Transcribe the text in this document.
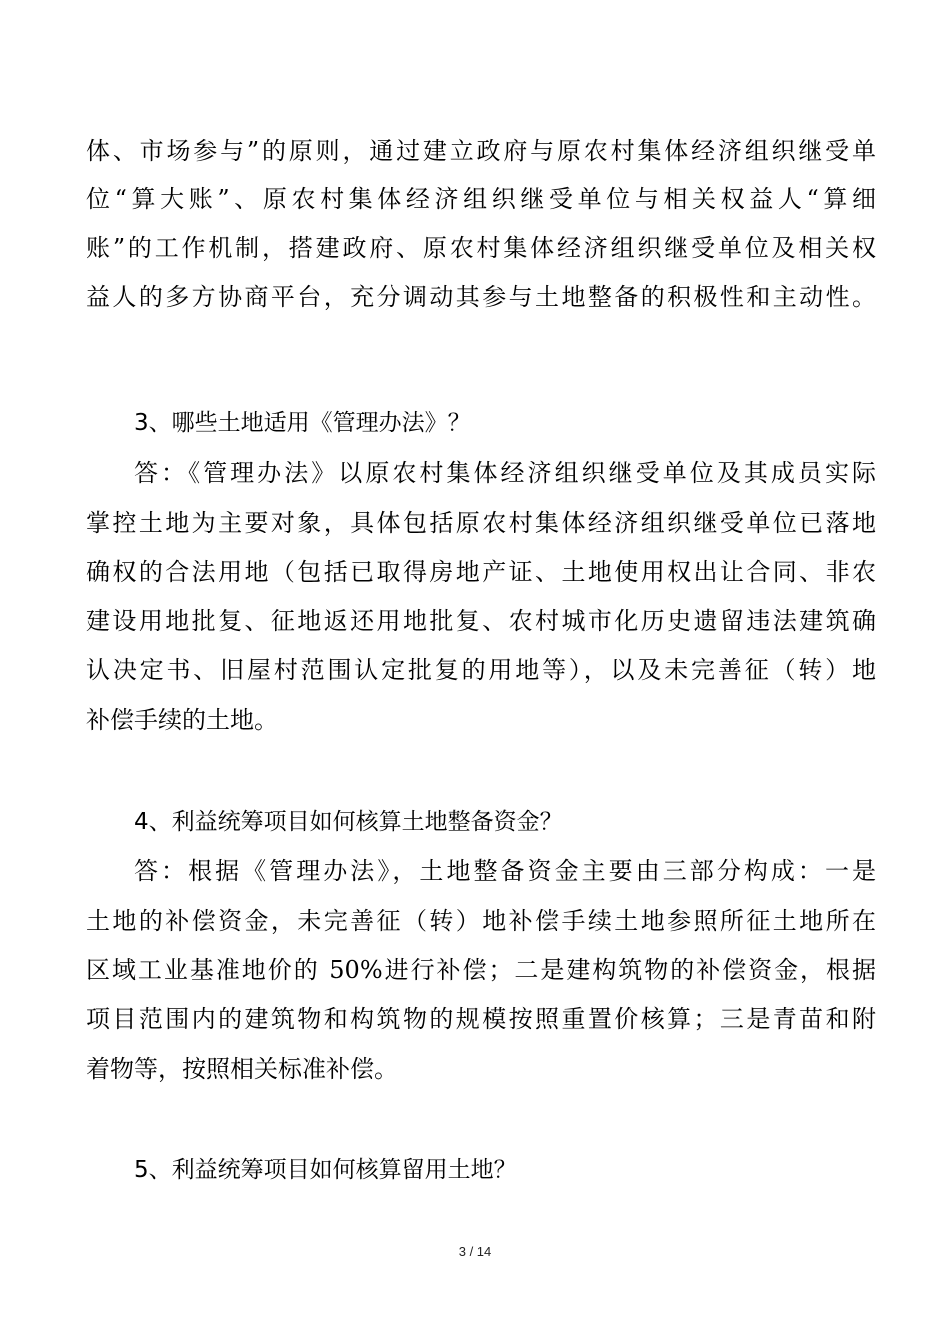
体、市场参与”的原则，通过建立政府与原农村集体经济组织继受单
位“算大账”、原农村集体经济组织继受单位与相关权益人“算细
账”的工作机制，搭建政府、原农村集体经济组织继受单位及相关权
益人的多方协商平台，充分调动其参与土地整备的积极性和主动性。
3、哪些土地适用《管理办法》？
答：《管理办法》以原农村集体经济组织继受单位及其成员实际
掌控土地为主要对象，具体包括原农村集体经济组织继受单位已落地
确权的合法用地（包括已取得房地产证、土地使用权出让合同、非农
建设用地批复、征地返还用地批复、农村城市化历史遗留违法建筑确
认决定书、旧屋村范围认定批复的用地等），以及未完善征（转）地
补偿手续的土地。
4、利益统筹项目如何核算土地整备资金？
答：根据《管理办法》，土地整备资金主要由三部分构成：一是
土地的补偿资金，未完善征（转）地补偿手续土地参照所征土地所在
区域工业基准地价的 50%进行补偿；二是建构筑物的补偿资金，根据
项目范围内的建筑物和构筑物的规模按照重置价核算；三是青苗和附
着物等，按照相关标准补偿。
5、利益统筹项目如何核算留用土地？
3 / 14
